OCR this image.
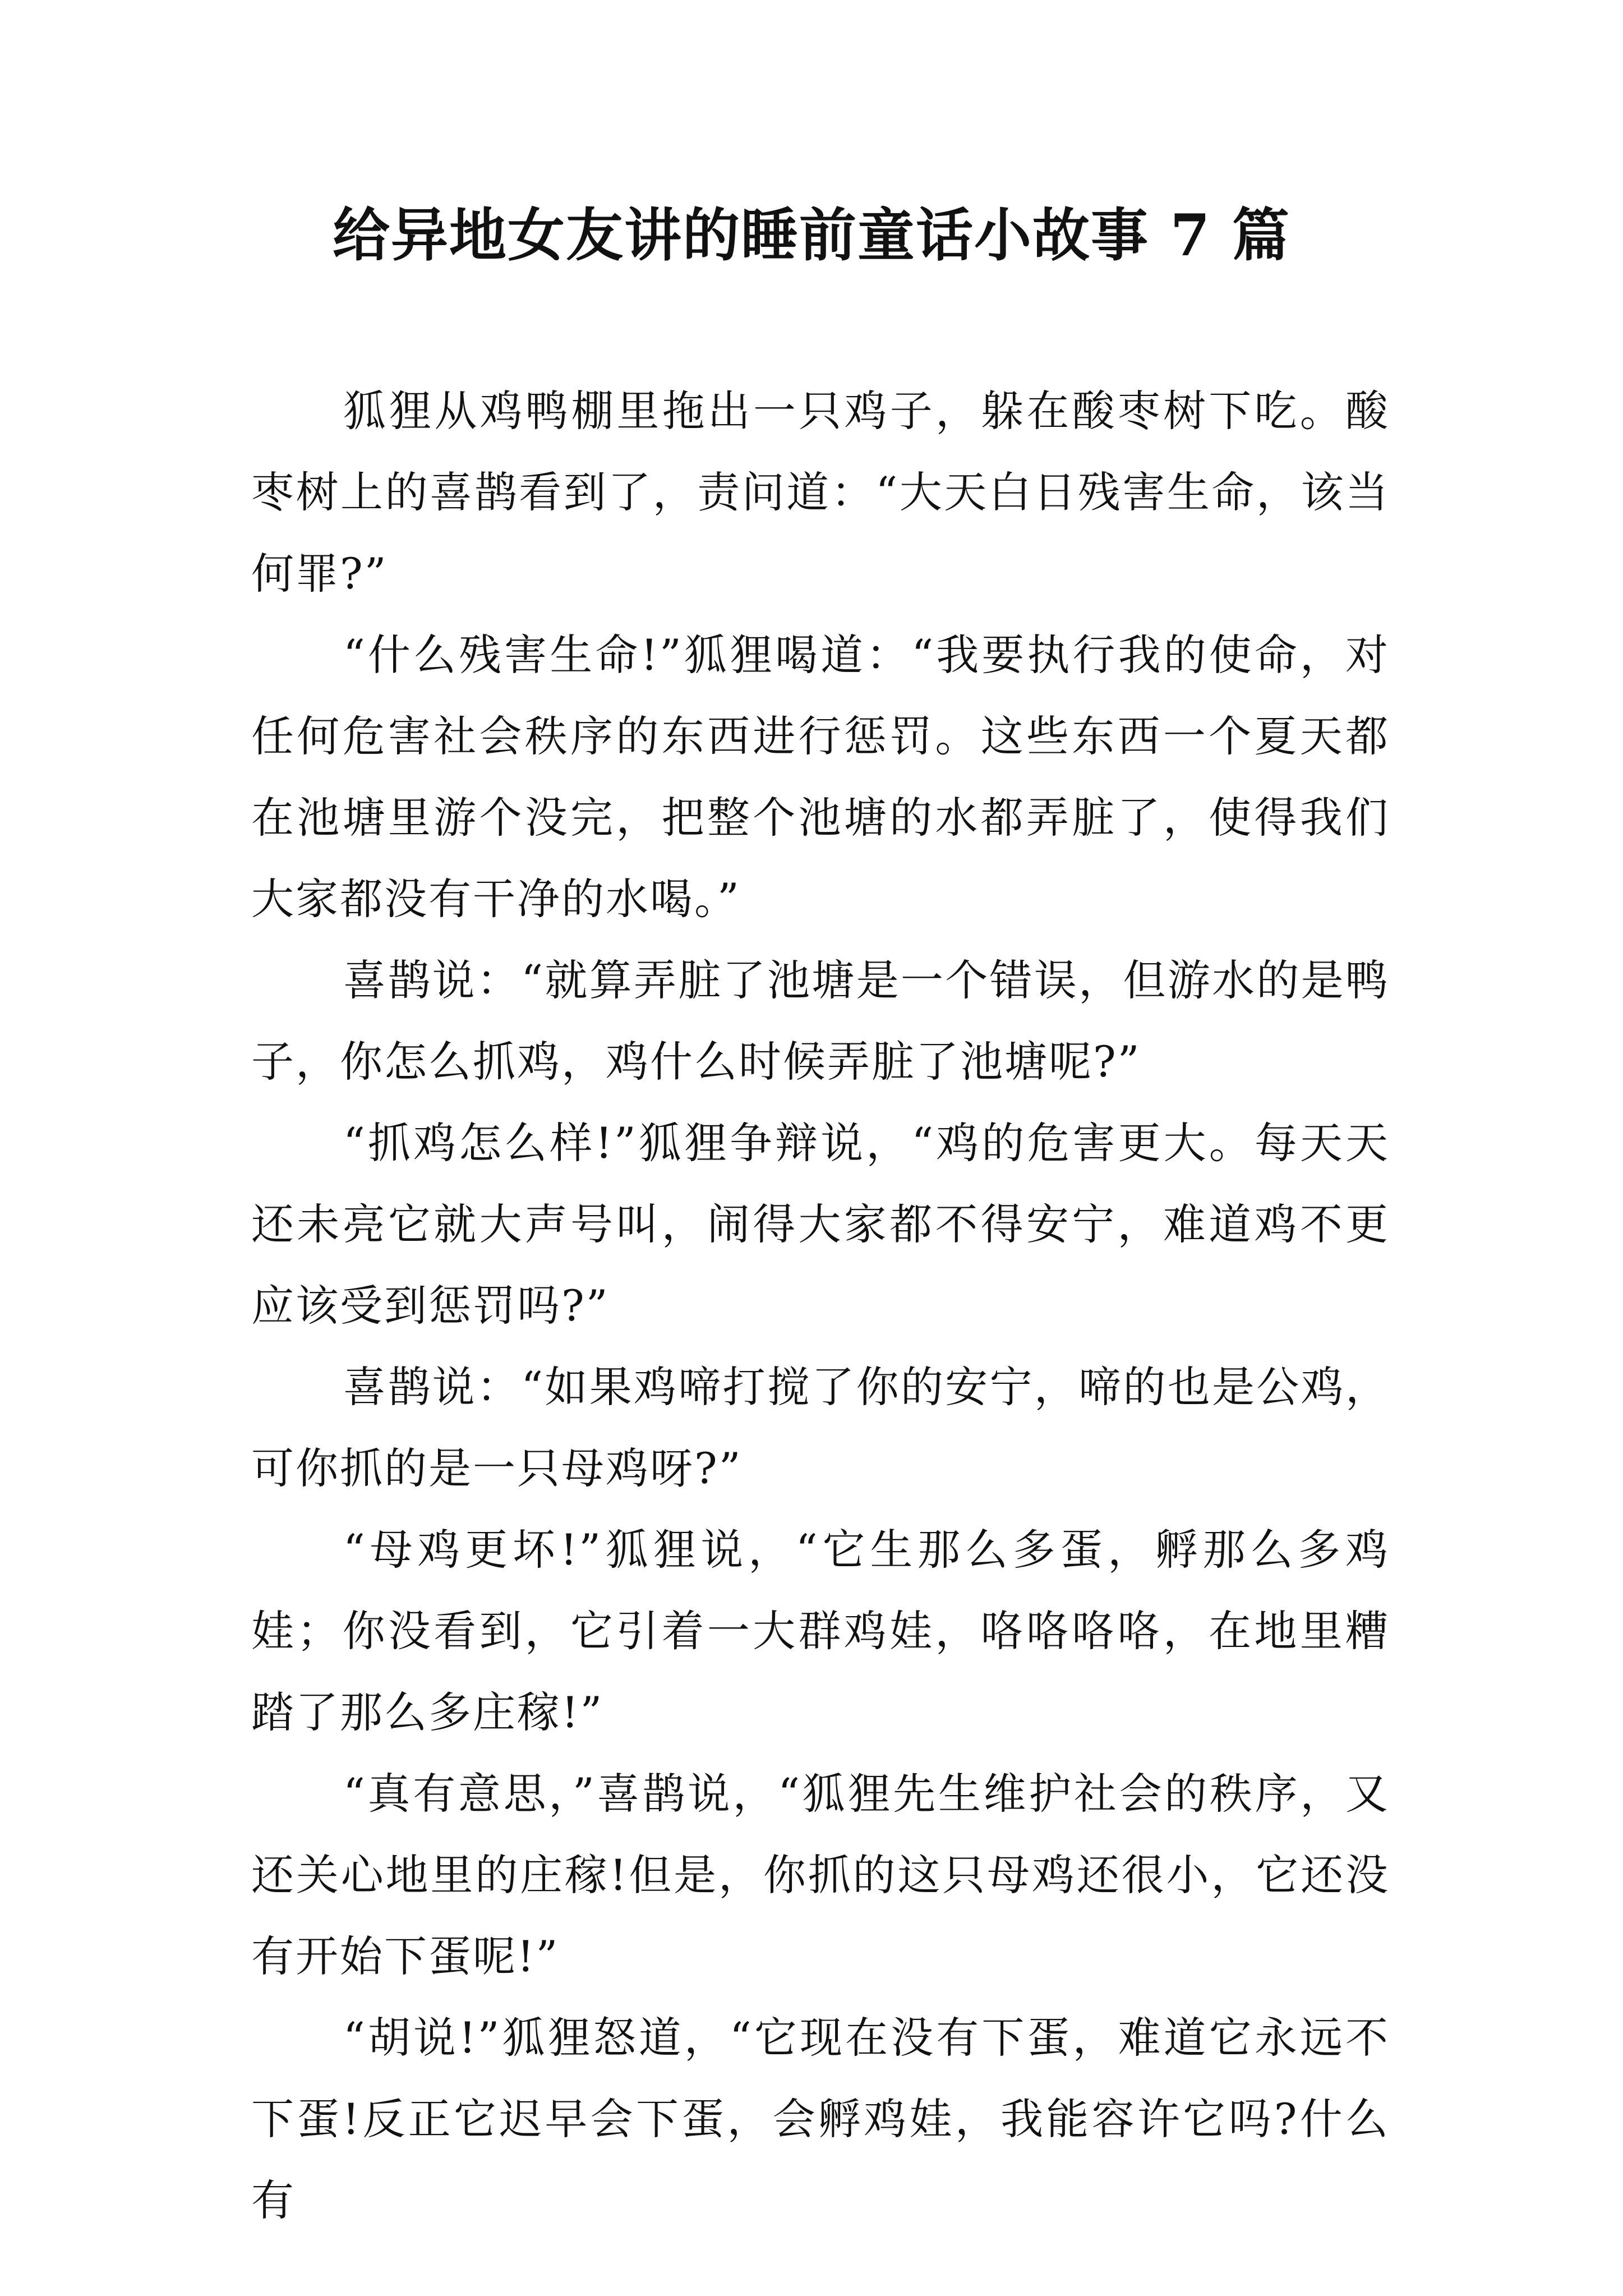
给异地女友讲的睡前童话小故事 7 篇

狐狸从鸡鸭棚里拖出一只鸡子，躲在酸枣树下吃。酸枣树上的喜鹊看到了，责问道：“大天白日残害生命，该当何罪?”

“什么残害生命!”狐狸喝道：“我要执行我的使命，对任何危害社会秩序的东西进行惩罚。这些东西一个夏天都在池塘里游个没完，把整个池塘的水都弄脏了，使得我们大家都没有干净的水喝。”

喜鹊说：“就算弄脏了池塘是一个错误，但游水的是鸭子，你怎么抓鸡，鸡什么时候弄脏了池塘呢?”

“抓鸡怎么样!”狐狸争辩说，“鸡的危害更大。每天天还未亮它就大声号叫，闹得大家都不得安宁，难道鸡不更应该受到惩罚吗?”

喜鹊说：“如果鸡啼打搅了你的安宁，啼的也是公鸡，可你抓的是一只母鸡呀?”

“母鸡更坏!”狐狸说，“它生那么多蛋，孵那么多鸡娃；你没看到，它引着一大群鸡娃，咯咯咯咯，在地里糟踏了那么多庄稼!”

“真有意思，”喜鹊说，“狐狸先生维护社会的秩序，又还关心地里的庄稼!但是，你抓的这只母鸡还很小，它还没有开始下蛋呢!”

“胡说!”狐狸怒道，“它现在没有下蛋，难道它永远不下蛋!反正它迟早会下蛋，会孵鸡娃，我能容许它吗?什么有
